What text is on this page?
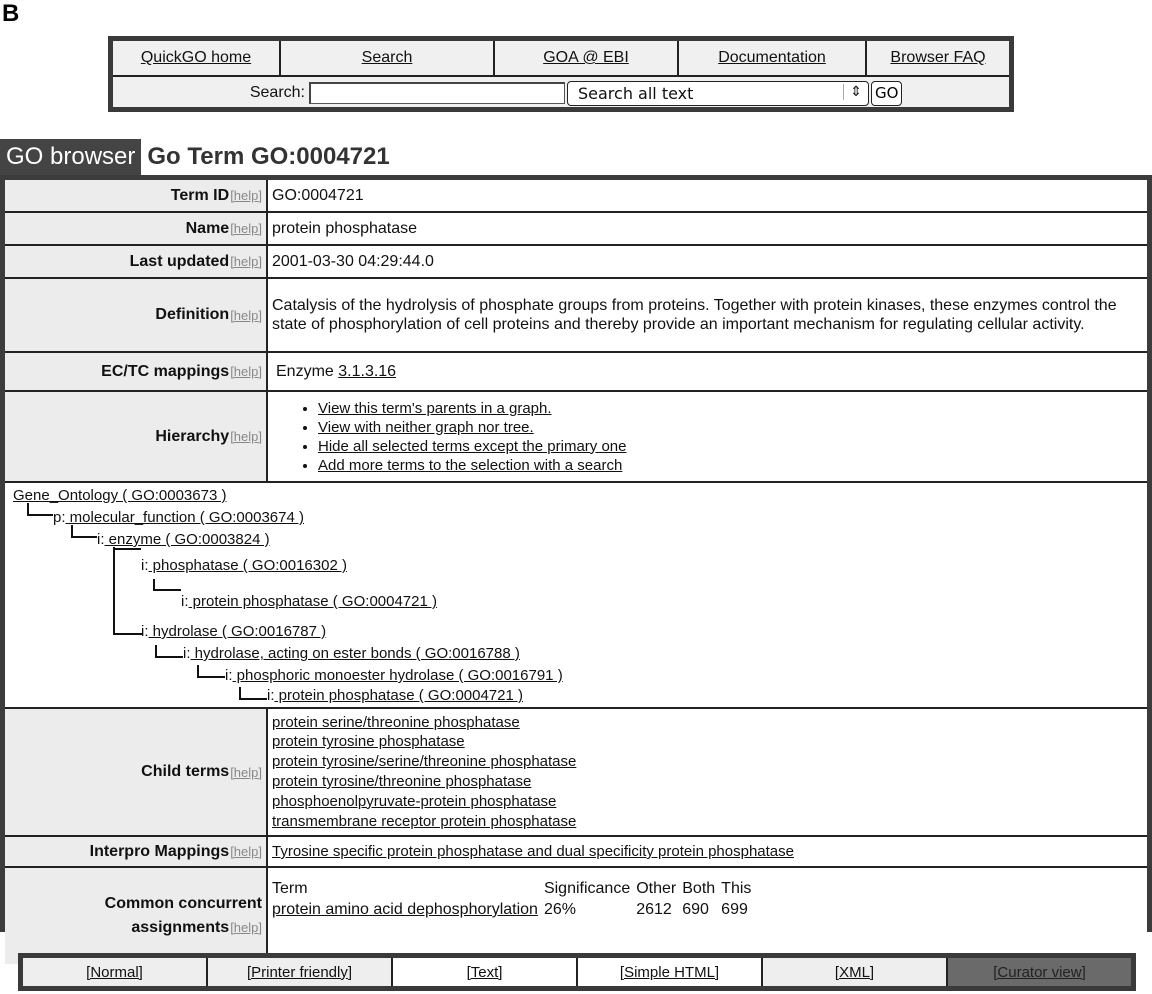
B
QuickGO home	Search	GOA @ EBI	Documentation	Browser FAQ
Search:	Search all text	⇕ GO
GO browser Go Term GO:0004721
Term ID [help] GO:0004721
Name [help] protein phosphatase
Last updated [help] 2001-03-30 04:29:44.0
Definition [help]
Catalysis of the hydrolysis of phosphate groups from proteins. Together with protein kinases, these enzymes control the state of phosphorylation of cell proteins and thereby provide an important mechanism for regulating cellular activity.
EC/TC mappings [help] Enzyme
3.1.3.16
Hierarchy [help]
• View this term's parents in a graph.
• View with neither graph nor tree.
• Hide all selected terms except the primary one
• Add more terms to the selection with a search
Gene_Ontology ( GO:0003673 )
p: molecular_function ( GO:0003674 )
i: enzyme ( GO:0003824 )
i: phosphatase ( GO:0016302 )
i: protein phosphatase ( GO:0004721 )
i: hydrolase ( GO:0016787 )
i: hydrolase, acting on ester bonds ( GO:0016788 )
i: phosphoric monoester hydrolase ( GO:0016791 )
i: protein phosphatase ( GO:0004721 )
Child terms [help]
protein serine/threonine phosphatase
protein tyrosine phosphatase
protein tyrosine/serine/threonine phosphatase
protein tyrosine/threonine phosphatase
phosphoenolpyruvate-protein phosphatase
transmembrane receptor protein phosphatase
Interpro Mappings [help] Tyrosine specific protein phosphatase and dual specificity protein phosphatase
Common concurrent
assignments[help]
Term	Significance	Other	Both	This
protein amino acid dephosphorylation	26%	2612	690	699
[Normal]	[Printer friendly]	[Text]	[Simple HTML]	[XML]	[Curator view]
